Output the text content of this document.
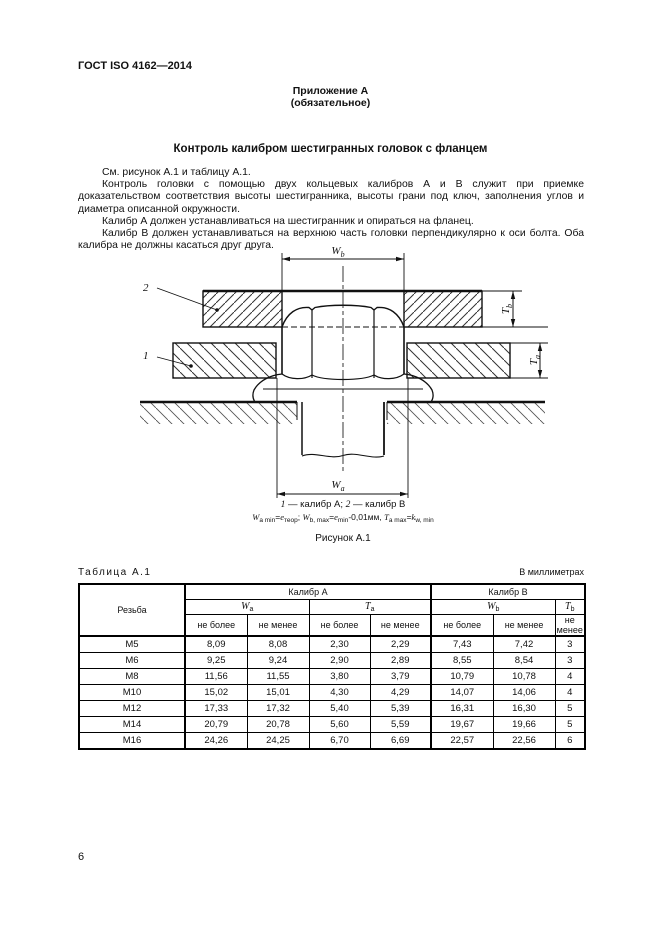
ГОСТ ISO 4162—2014
Приложение А
(обязательное)
Контроль калибром шестигранных головок с фланцем

См. рисунок А.1 и таблицу А.1.

Контроль головки с помощью двух кольцевых калибров А и В служит при приемке доказательством соответствия высоты шестигранника, высоты грани под ключ, заполнения углов и диаметра описанной окружности.

Калибр А должен устанавливаться на шестигранник и опираться на фланец.

Калибр В должен устанавливаться на верхнюю часть головки перпендикулярно к оси болта. Оба калибра не должны касаться друг друга.	$W_b$
2
1
$T_b$
$T_a$
$W_a$
1 — калибр А; 2 — калибр В
$W_{a min}=e_{теор}$; $W_{b, max}=e_{min}-0,01мм$, $T_{a max}=k_{w, min}$
Рисунок А.1
Таблица А.1	В миллиметрах
Резьба	Калибр А				Калибр В		
	$W_a$		$T_a$		$W_b$		$T_b$
	не более	не менее	не более	не менее	не более	не менее	не менее
M5	8,09	8,08	2,30	2,29	7,43	7,42	3
M6	9,25	9,24	2,90	2,89	8,55	8,54	3
M8	11,56	11,55	3,80	3,79	10,79	10,78	4
M10	15,02	15,01	4,30	4,29	14,07	14,06	4
M12	17,33	17,32	5,40	5,39	16,31	16,30	5
M14	20,79	20,78	5,60	5,59	19,67	19,66	5
M16	24,26	24,25	6,70	6,69	22,57	22,56	6
6
